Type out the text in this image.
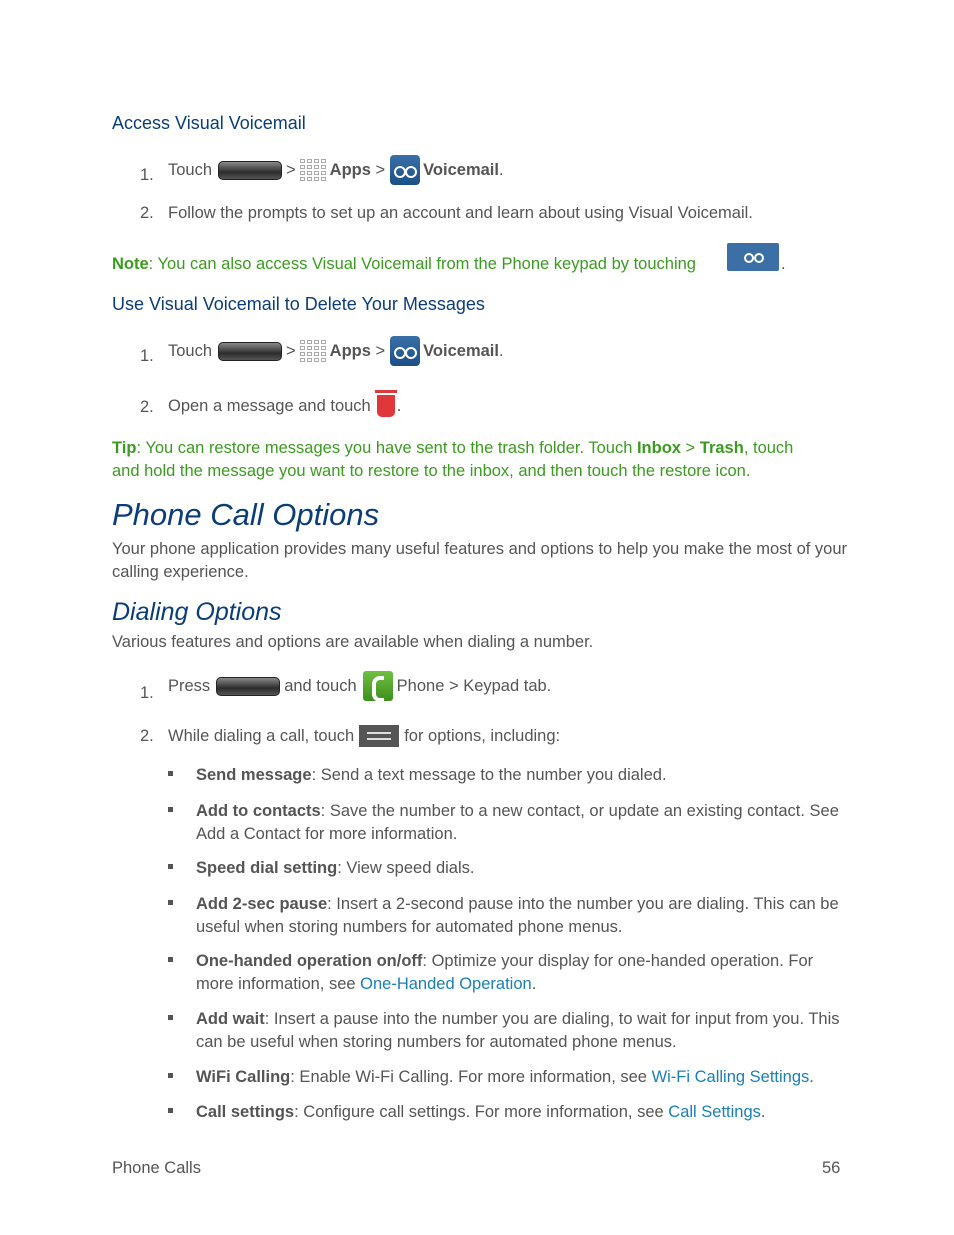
Access Visual Voicemail
1. Touch	> Apps
> Voicemail .
2. Follow the prompts to set up an account and learn about using Visual Voicemail.
Note: You can also access Visual Voicemail from the Phone keypad by touching	.
Use Visual Voicemail to Delete Your Messages
1. Touch	> Apps
> Voicemail .
2. Open a message and touch .
Tip: You can restore messages you have sent to the trash folder. Touch Inbox > Trash, touch
and hold the message you want to restore to the inbox, and then touch the restore icon.
Phone Call Options
Your phone application provides many useful features and options to help you make the most of your calling experience.
Dialing Options
Various features and options are available when dialing a number.
1. Press	and touch Phone > Keypad tab.
2. While dialing a call, touch	for options, including:
Send message: Send a text message to the number you dialed.
Add to contacts: Save the number to a new contact, or update an existing contact. See Add a Contact for more information.
Speed dial setting: View speed dials.
Add 2-sec pause: Insert a 2-second pause into the number you are dialing. This can be useful when storing numbers for automated phone menus.
One-handed operation on/off: Optimize your display for one-handed operation. For more information, see One-Handed Operation.
Add wait: Insert a pause into the number you are dialing, to wait for input from you. This can be useful when storing numbers for automated phone menus.
WiFi Calling: Enable Wi-Fi Calling. For more information, see Wi-Fi Calling Settings.
Call settings: Configure call settings. For more information, see Call Settings.
Phone Calls	56
